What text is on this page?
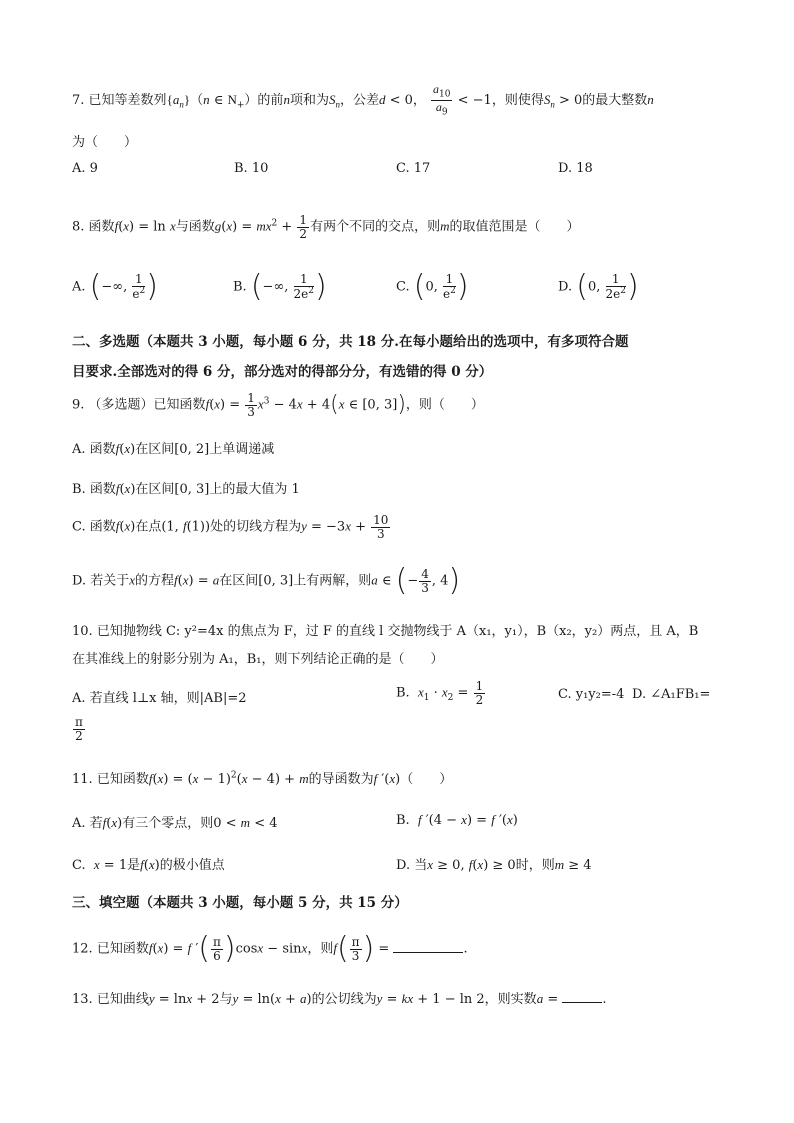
7. 已知等差数列$\{a_n\}(n$ ∈ $N_+$）的前n项和为$S_n$，公差d < 0， $\frac{a_{10}}{a_9} < -1$，则使得$S_n > 0$的最大整数n
为（　　）
A. 9	B. 10	C. 17	D. 18
8. 函数f(x) = ln x与函数$g(x) = mx^2 + \frac{1}{2}$ 有两个不同的交点，则m的取值范围是（　　）
A. (−∞, $\frac{1}{e^2}$ )	B. (−∞, $\frac{1}{2e^2}$ )	C. (0, $\frac{1}{e^2}$ )	D. (0, $\frac{1}{2e^2}$ )
二、多选题（本题共 3 小题，每小题 6 分，共 18 分.在每小题给出的选项中，有多项符合题
目要求.全部选对的得 6 分，部分选对的得部分分，有选错的得 0 分）
9. （多选题）已知函数$f(x) = \frac{1}{3} x^3 - 4x + 4(x$ ∈ [0, 3])，则（　　）
A. 函数f(x)在区间[0, 2]上单调递减
B. 函数f(x)在区间[0, 3]上的最大值为 1
C. 函数f(x)在点(1, f(1))处的切线方程为$y = -3x + \frac{10}{3}$
D. 若关于x的方程f(x) = a在区间[0, 3]上有两解，则a ∈ (− $\frac{4}{3}$ , 4)
10. 已知抛物线 C: y²=4x 的焦点为 F，过 F 的直线 l 交抛物线于 A（x₁，y₁），B（x₂，y₂）两点，且 A，B
在其准线上的射影分别为 A₁，B₁，则下列结论正确的是（　　）
A. 若直线 l⊥x 轴，则|AB|=2	B. $x_1 \cdot x_2 = \frac{1}{2}$	C. y₁y₂=-4 D. ∠A₁FB₁=
$\frac{\pi}{2}$
11. 已知函数$f(x) = (x - 1)^2(x - 4) + m$的导函数为f ′(x)（　　）
A. 若f(x)有三个零点，则0 < m < 4	B. f ′(4 − x) = f ′(x)
C. x = 1是f(x)的极小值点	D. 当x ≥ 0, f(x) ≥ 0时，则m ≥ 4
三、填空题（本题共 3 小题，每小题 5 分，共 15 分）
12. 已知函数f(x) = f ′( $\frac{\pi}{6} )\cos x - \sin x$，则$f( \frac{\pi}{3}$ ) =	.
13. 已知曲线y = lnx + 2与y = ln(x + a)的公切线为y = kx + 1 − ln 2，则实数a =	.
